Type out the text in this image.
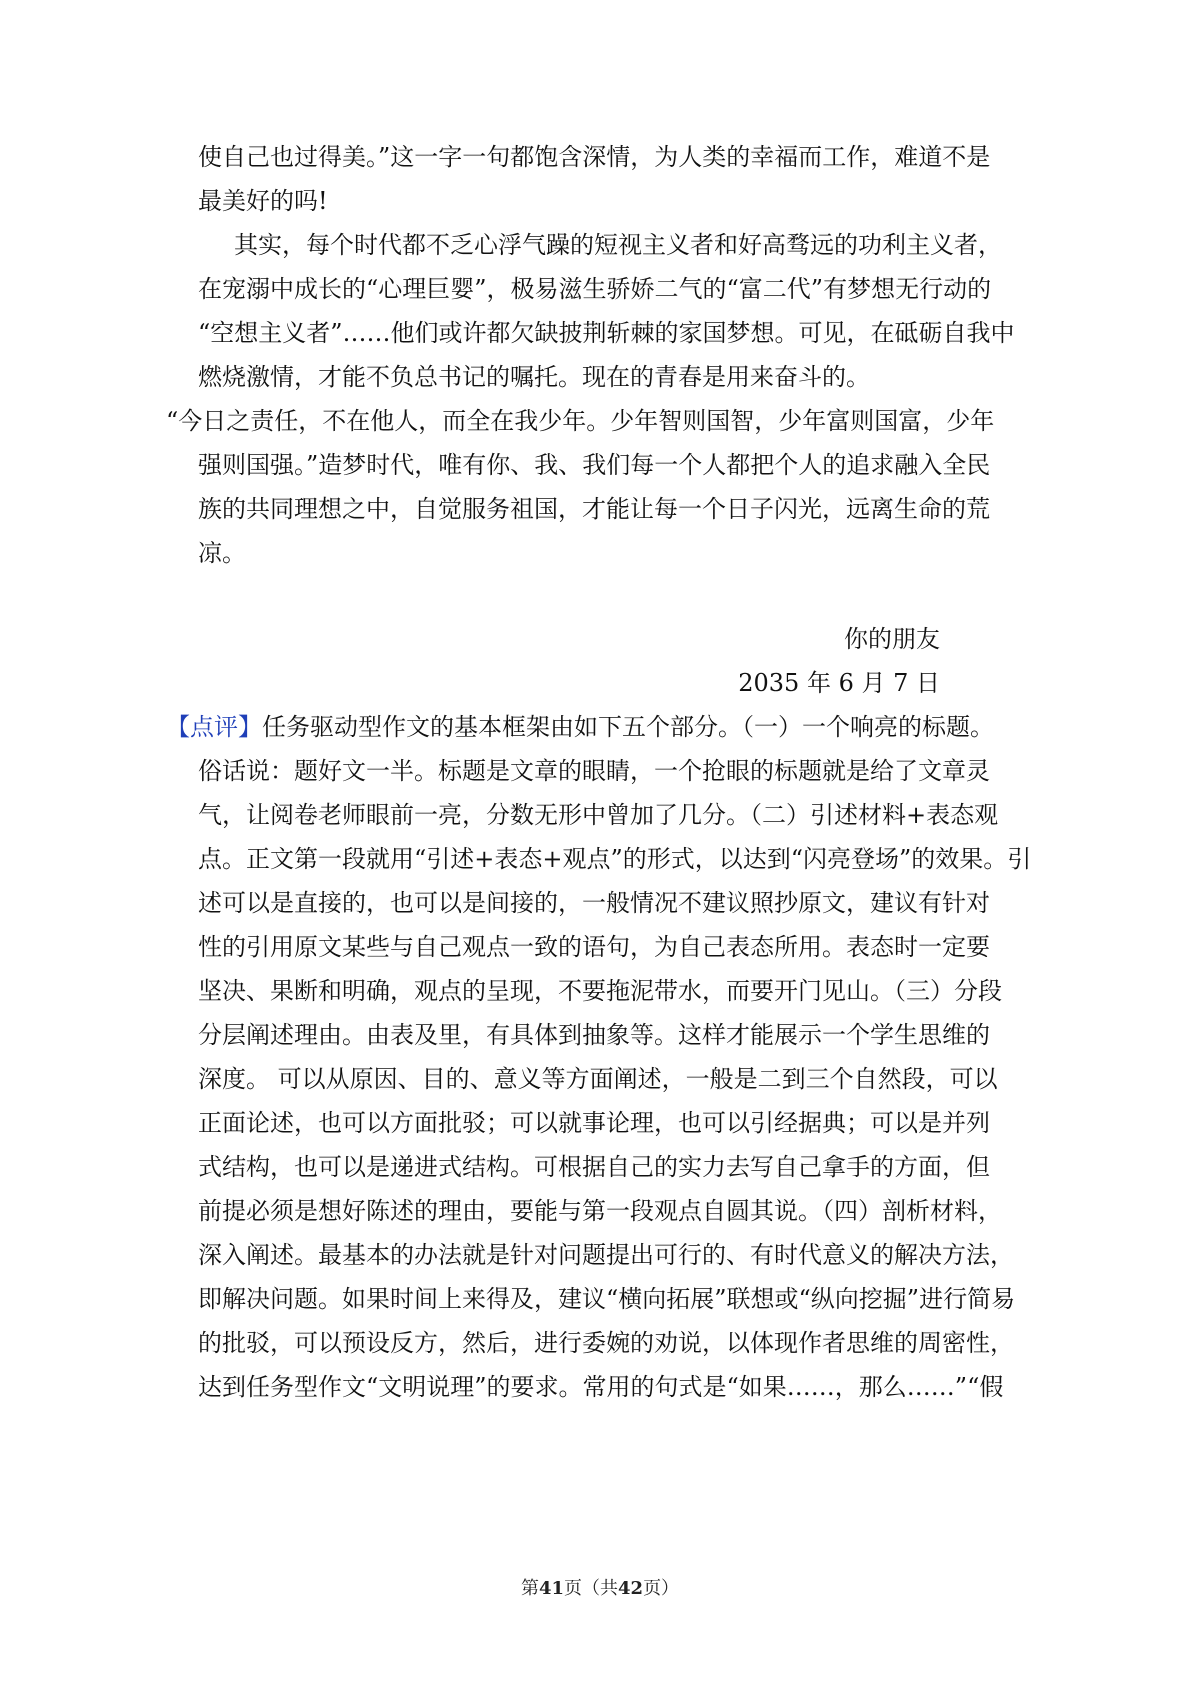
使自己也过得美。”这一字一句都饱含深情，为人类的幸福而工作，难道不是
最美好的吗!
其实，每个时代都不乏心浮气躁的短视主义者和好高骛远的功利主义者，
在宠溺中成长的“心理巨婴”，极易滋生骄娇二气的“富二代”有梦想无行动的
“空想主义者”……他们或许都欠缺披荆斩棘的家国梦想。可见，在砥砺自我中
燃烧激情，才能不负总书记的嘱托。现在的青春是用来奋斗的。
“今日之责任，不在他人，而全在我少年。少年智则国智，少年富则国富，少年
强则国强。”造梦时代，唯有你、我、我们每一个人都把个人的追求融入全民
族的共同理想之中，自觉服务祖国，才能让每一个日子闪光，远离生命的荒
凉。
你的朋友
2035 年 6 月 7 日
【点评】任务驱动型作文的基本框架由如下五个部分。（一）一个响亮的标题。
俗话说：题好文一半。标题是文章的眼睛，一个抢眼的标题就是给了文章灵
气，让阅卷老师眼前一亮，分数无形中曾加了几分。（二）引述材料+表态观
点。正文第一段就用“引述+表态+观点”的形式，以达到“闪亮登场”的效果。引
述可以是直接的，也可以是间接的，一般情况不建议照抄原文，建议有针对
性的引用原文某些与自己观点一致的语句，为自己表态所用。表态时一定要
坚决、果断和明确，观点的呈现，不要拖泥带水，而要开门见山。（三）分段
分层阐述理由。由表及里，有具体到抽象等。这样才能展示一个学生思维的
深度。 可以从原因、目的、意义等方面阐述，一般是二到三个自然段，可以
正面论述，也可以方面批驳；可以就事论理，也可以引经据典；可以是并列
式结构，也可以是递进式结构。可根据自己的实力去写自己拿手的方面，但
前提必须是想好陈述的理由，要能与第一段观点自圆其说。（四）剖析材料，
深入阐述。最基本的办法就是针对问题提出可行的、有时代意义的解决方法，
即解决问题。如果时间上来得及，建议“横向拓展”联想或“纵向挖掘”进行简易
的批驳，可以预设反方，然后，进行委婉的劝说，以体现作者思维的周密性，
达到任务型作文“文明说理”的要求。常用的句式是“如果……，那么……”“假
第41页（共42页）
